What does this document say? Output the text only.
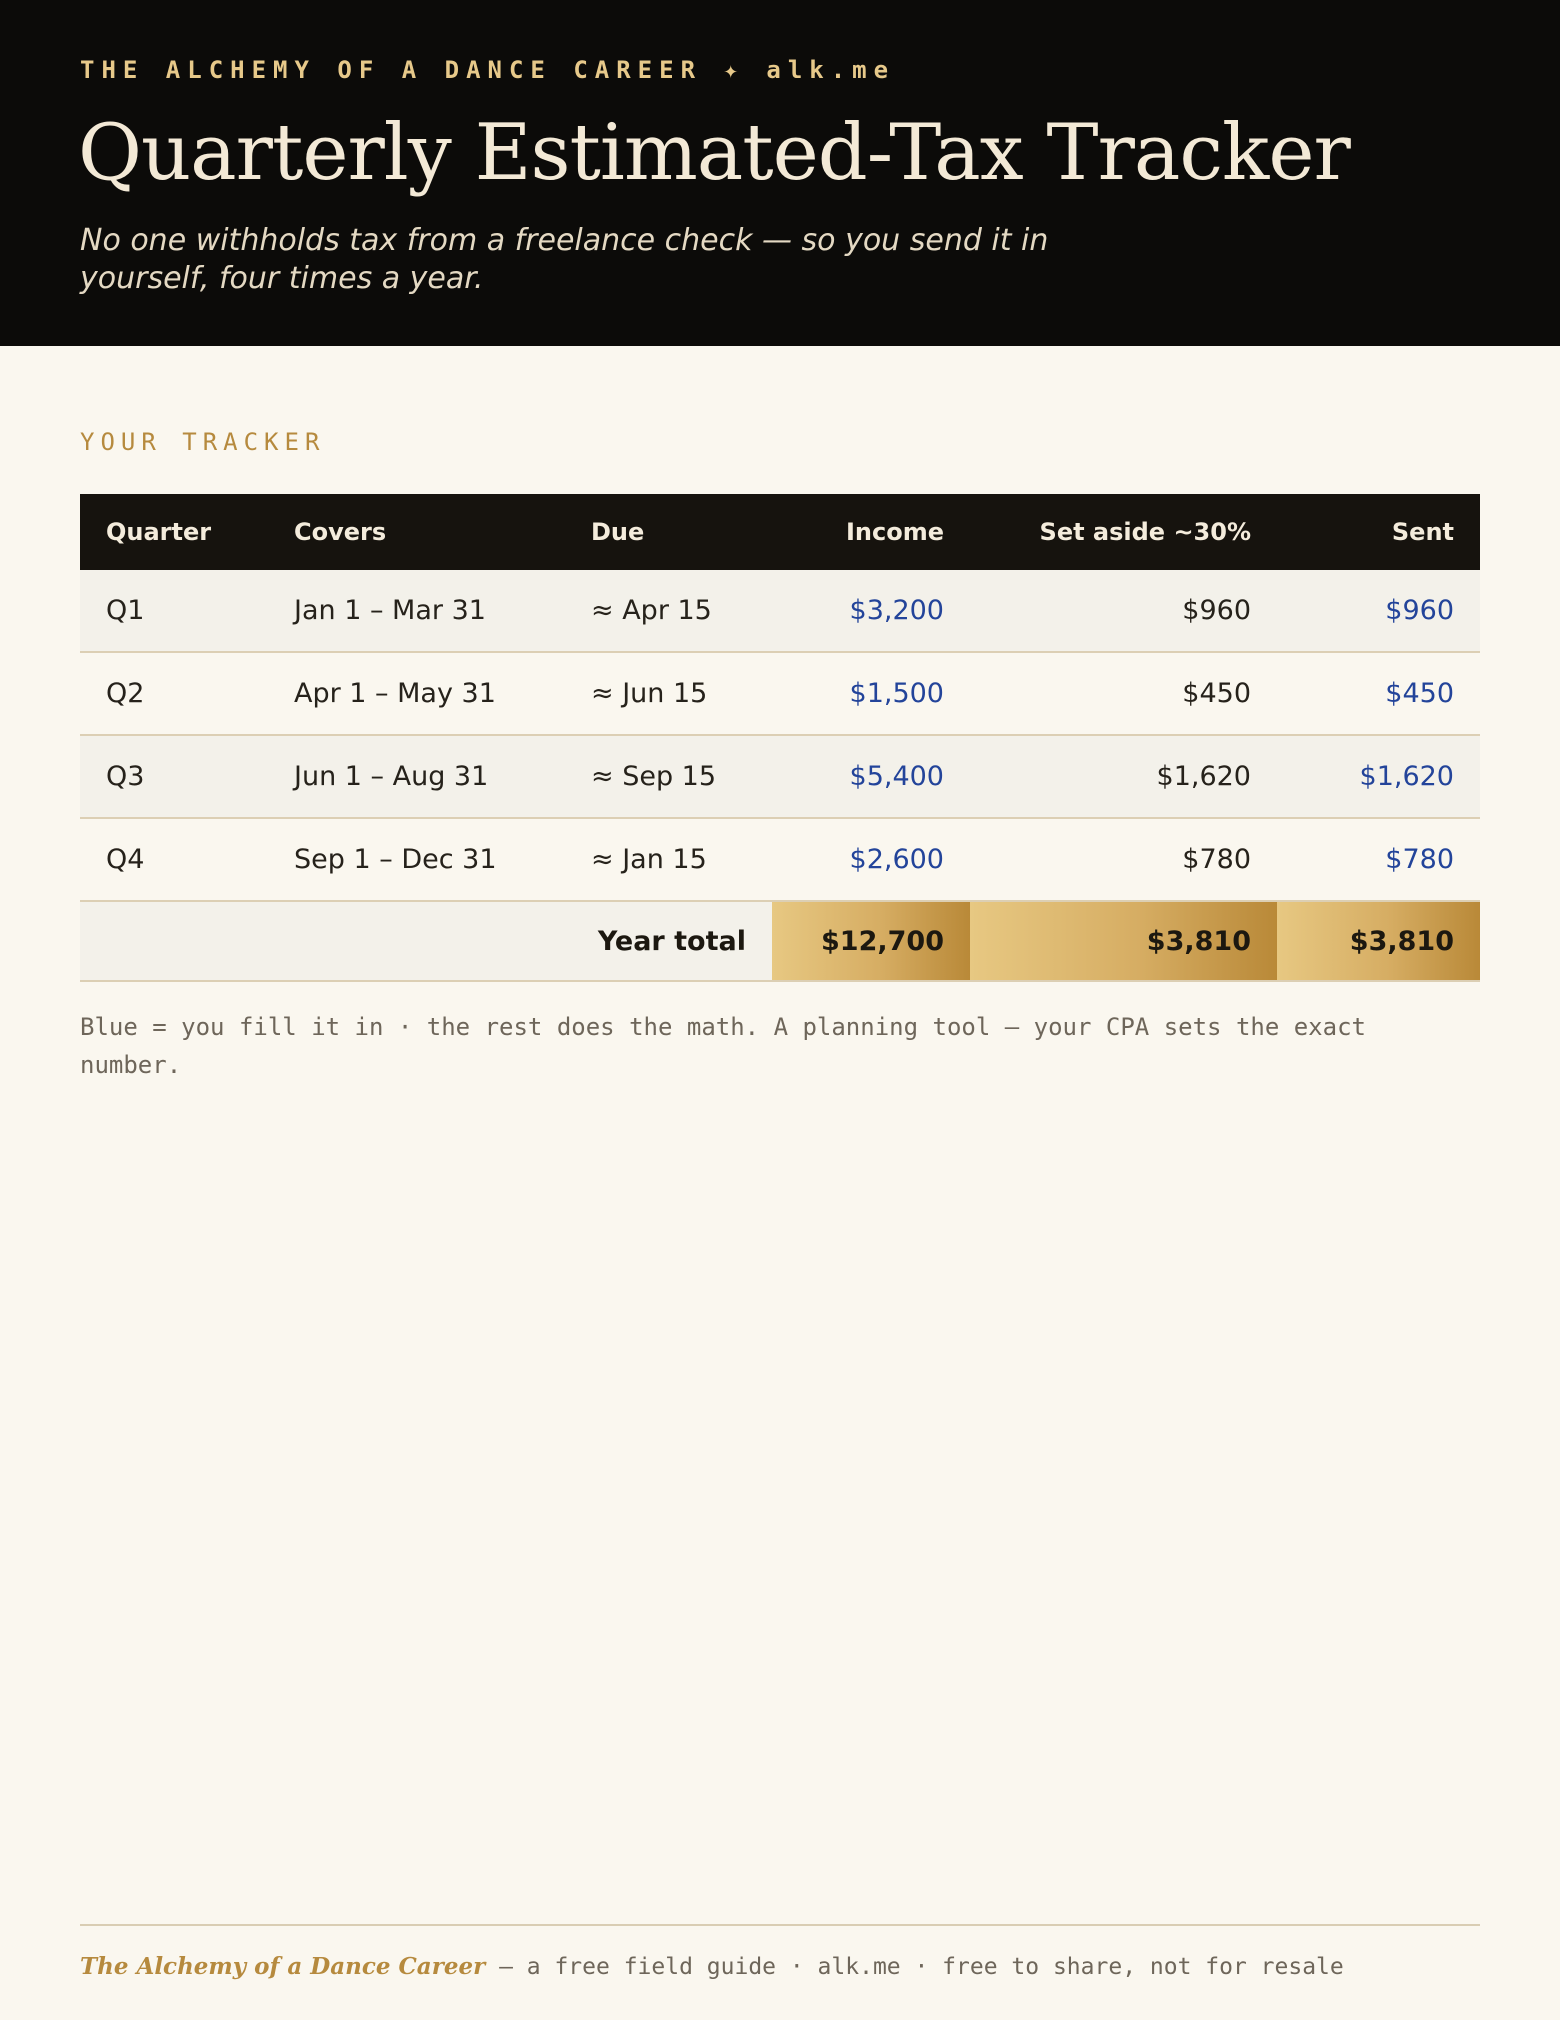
THE ALCHEMY OF A DANCE CAREER ✦ alk.me
Quarterly Estimated-Tax Tracker
No one withholds tax from a freelance check — so you send it in yourself, four times a year.
YOUR TRACKER
Quarter	Covers	Due	Income	Set aside ~30%	Sent
Q1	Jan 1 – Mar 31	≈ Apr 15	$3,200	$960	$960
Q2	Apr 1 – May 31	≈ Jun 15	$1,500	$450	$450
Q3	Jun 1 – Aug 31	≈ Sep 15	$5,400	$1,620	$1,620
Q4	Sep 1 – Dec 31	≈ Jan 15	$2,600	$780	$780
Year total			$12,700	$3,810	$3,810
Blue = you fill it in · the rest does the math. A planning tool — your CPA sets the exact number.
The Alchemy of a Dance Career — a free field guide · alk.me · free to share, not for resale
